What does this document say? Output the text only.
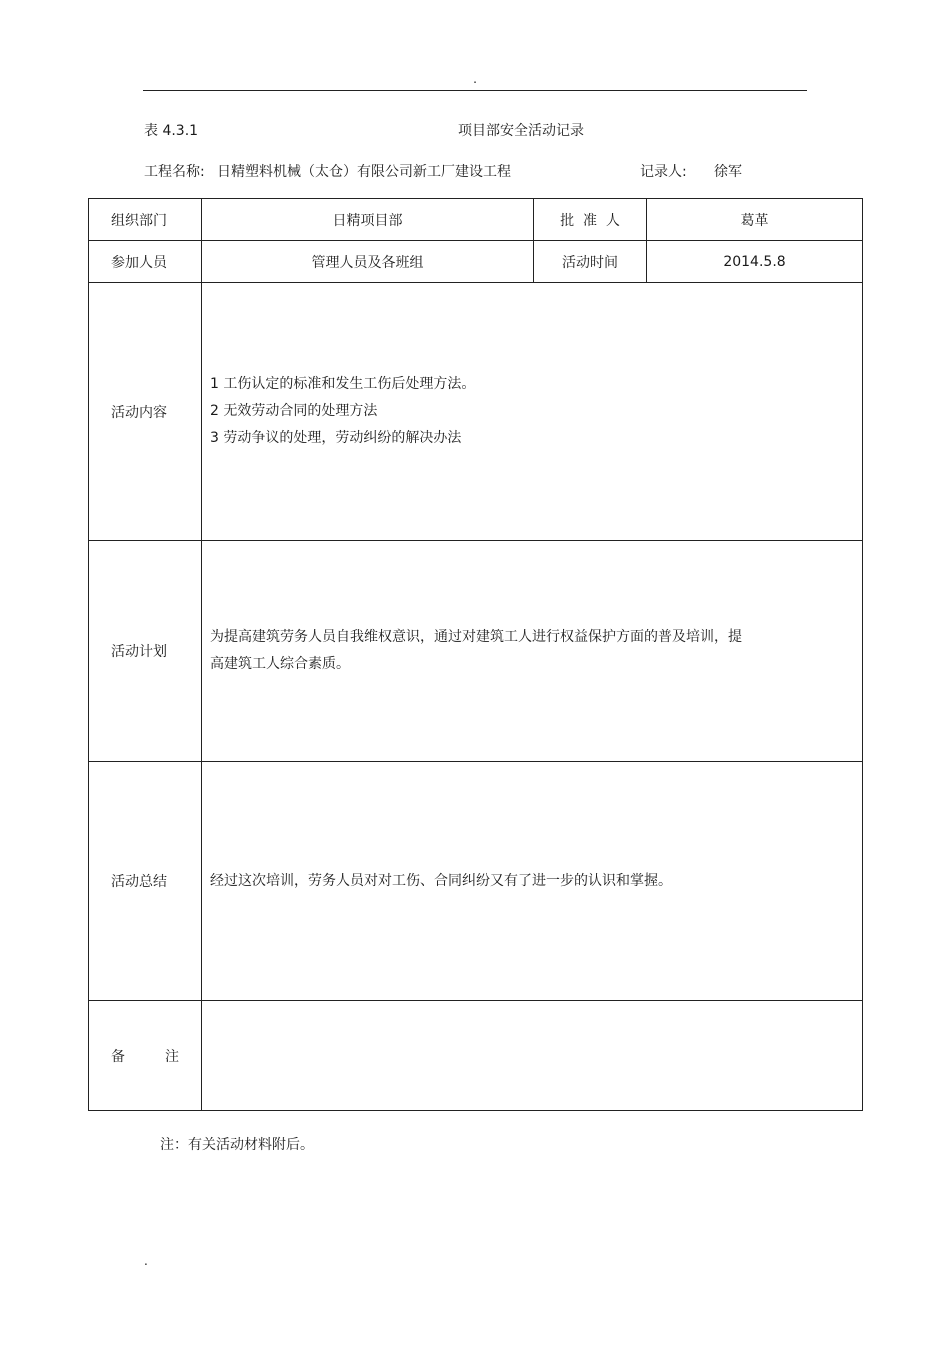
.
表 4.3.1	项目部安全活动记录
工程名称: 日精塑料机械（太仓）有限公司新工厂建设工程	记录人: 徐军
组织部门	日精项目部	批  准  人	葛革
参加人员	管理人员及各班组	活动时间	2014.5.8
活动内容	1 工伤认定的标准和发生工伤后处理方法。
2 无效劳动合同的处理方法
3 劳动争议的处理，劳动纠纷的解决办法		

活动计划	为提高建筑劳务人员自我维权意识，通过对建筑工人进行权益保护方面的普及培训，提
高建筑工人综合素质。		

活动总结	经过这次培训，劳务人员对对工伤、合同纠纷又有了进一步的认识和掌握。		

备         注			
注：有关活动材料附后。
.
